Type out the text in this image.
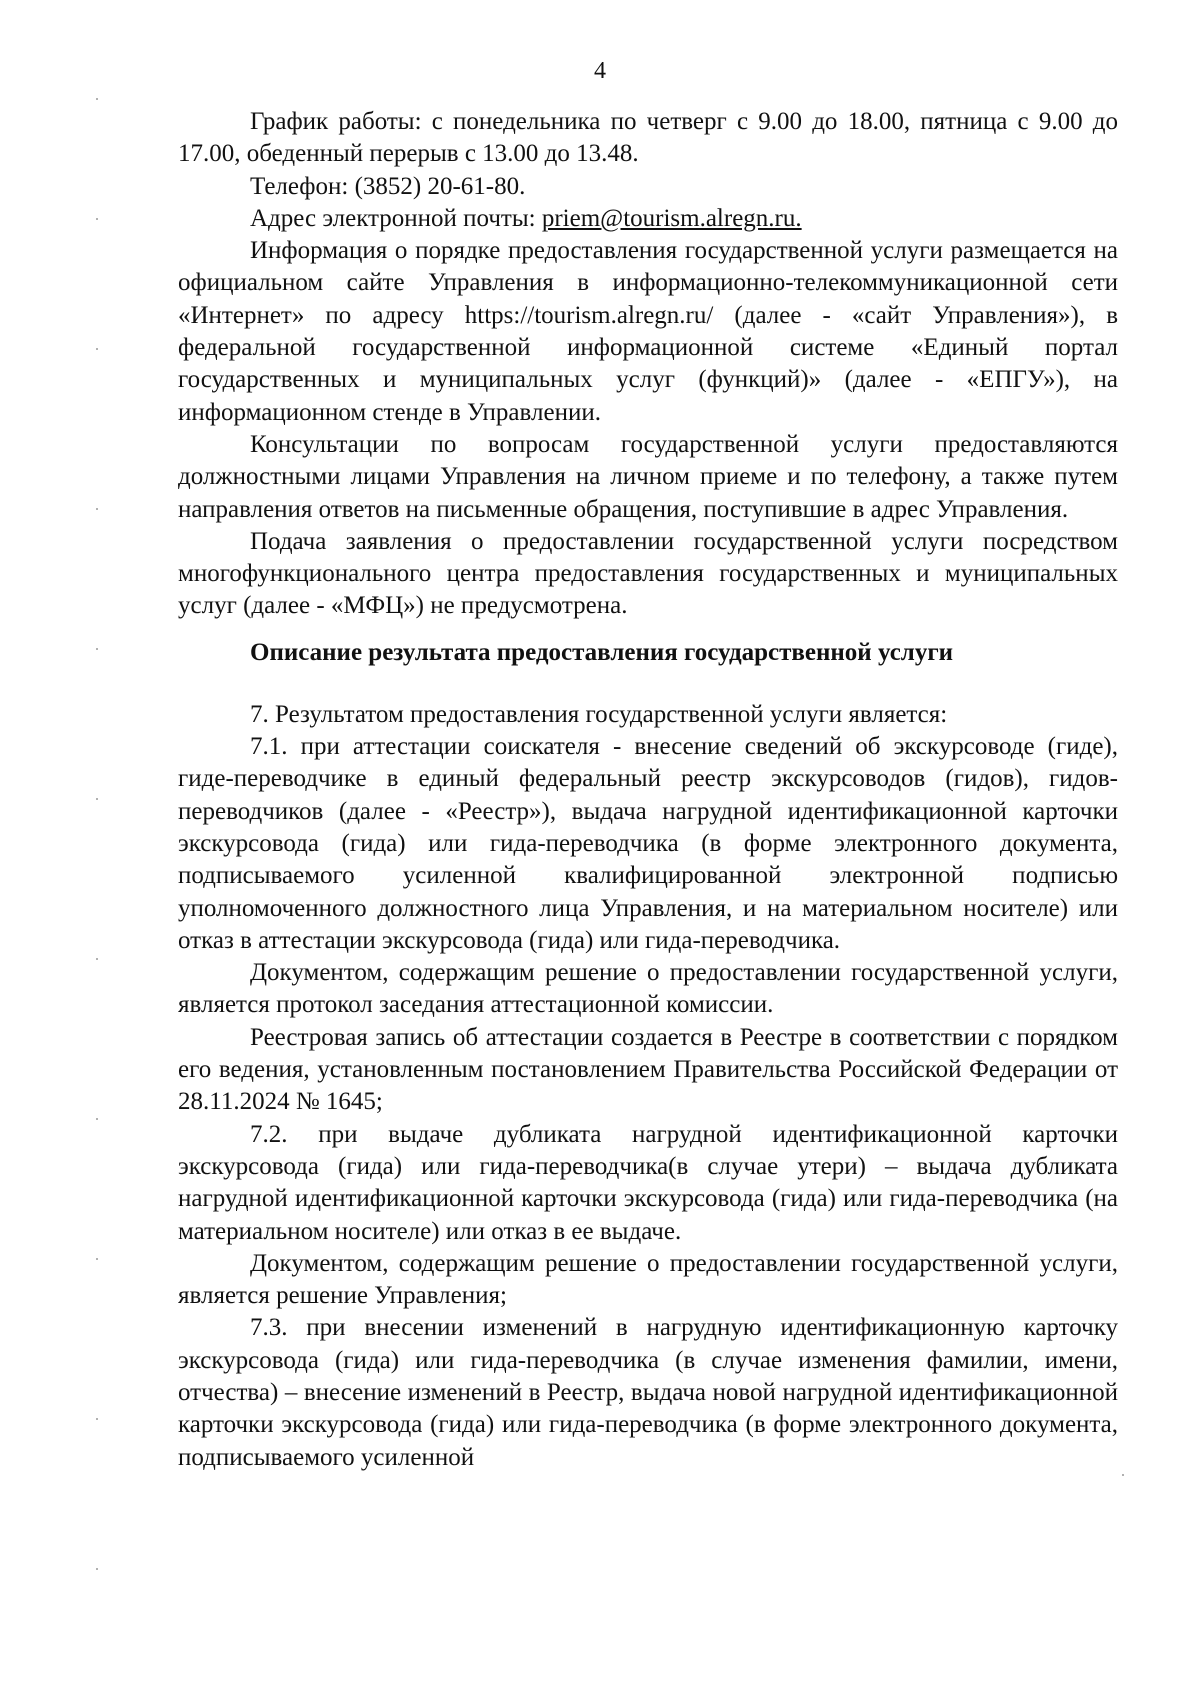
4

График работы: с понедельника по четверг с 9.00 до 18.00, пятница с 9.00 до 17.00, обеденный перерыв с 13.00 до 13.48.

Телефон: (3852) 20-61-80.

Адрес электронной почты: priem@tourism.alregn.ru.

Информация о порядке предоставления государственной услуги размещается на официальном сайте Управления в информационно-телекоммуникационной сети «Интернет» по адресу https://tourism.alregn.ru/ (далее - «сайт Управления»), в федеральной государственной информационной системе «Единый портал государственных и муниципальных услуг (функций)» (далее - «ЕПГУ»), на информационном стенде в Управлении.

Консультации по вопросам государственной услуги предоставляются должностными лицами Управления на личном приеме и по телефону, а также путем направления ответов на письменные обращения, поступившие в адрес Управления.

Подача заявления о предоставлении государственной услуги посредством многофункционального центра предоставления государственных и муниципальных услуг (далее - «МФЦ») не предусмотрена.

Описание результата предоставления государственной услуги

7. Результатом предоставления государственной услуги является:

7.1. при аттестации соискателя - внесение сведений об экскурсоводе (гиде), гиде-переводчике в единый федеральный реестр экскурсоводов (гидов), гидов-переводчиков (далее - «Реестр»), выдача нагрудной идентификационной карточки экскурсовода (гида) или гида-переводчика (в форме электронного документа, подписываемого усиленной квалифицированной электронной подписью уполномоченного должностного лица Управления, и на материальном носителе) или отказ в аттестации экскурсовода (гида) или гида-переводчика.

Документом, содержащим решение о предоставлении государственной услуги, является протокол заседания аттестационной комиссии.

Реестровая запись об аттестации создается в Реестре в соответствии с порядком его ведения, установленным постановлением Правительства Российской Федерации от 28.11.2024 № 1645;

7.2. при выдаче дубликата нагрудной идентификационной карточки экскурсовода (гида) или гида-переводчика(в случае утери) – выдача дубликата нагрудной идентификационной карточки экскурсовода (гида) или гида-переводчика (на материальном носителе) или отказ в ее выдаче.

Документом, содержащим решение о предоставлении государственной услуги, является решение Управления;

7.3. при внесении изменений в нагрудную идентификационную карточку экскурсовода (гида) или гида-переводчика (в случае изменения фамилии, имени, отчества) – внесение изменений в Реестр, выдача новой нагрудной идентификационной карточки экскурсовода (гида) или гида-переводчика (в форме электронного документа, подписываемого усиленной
